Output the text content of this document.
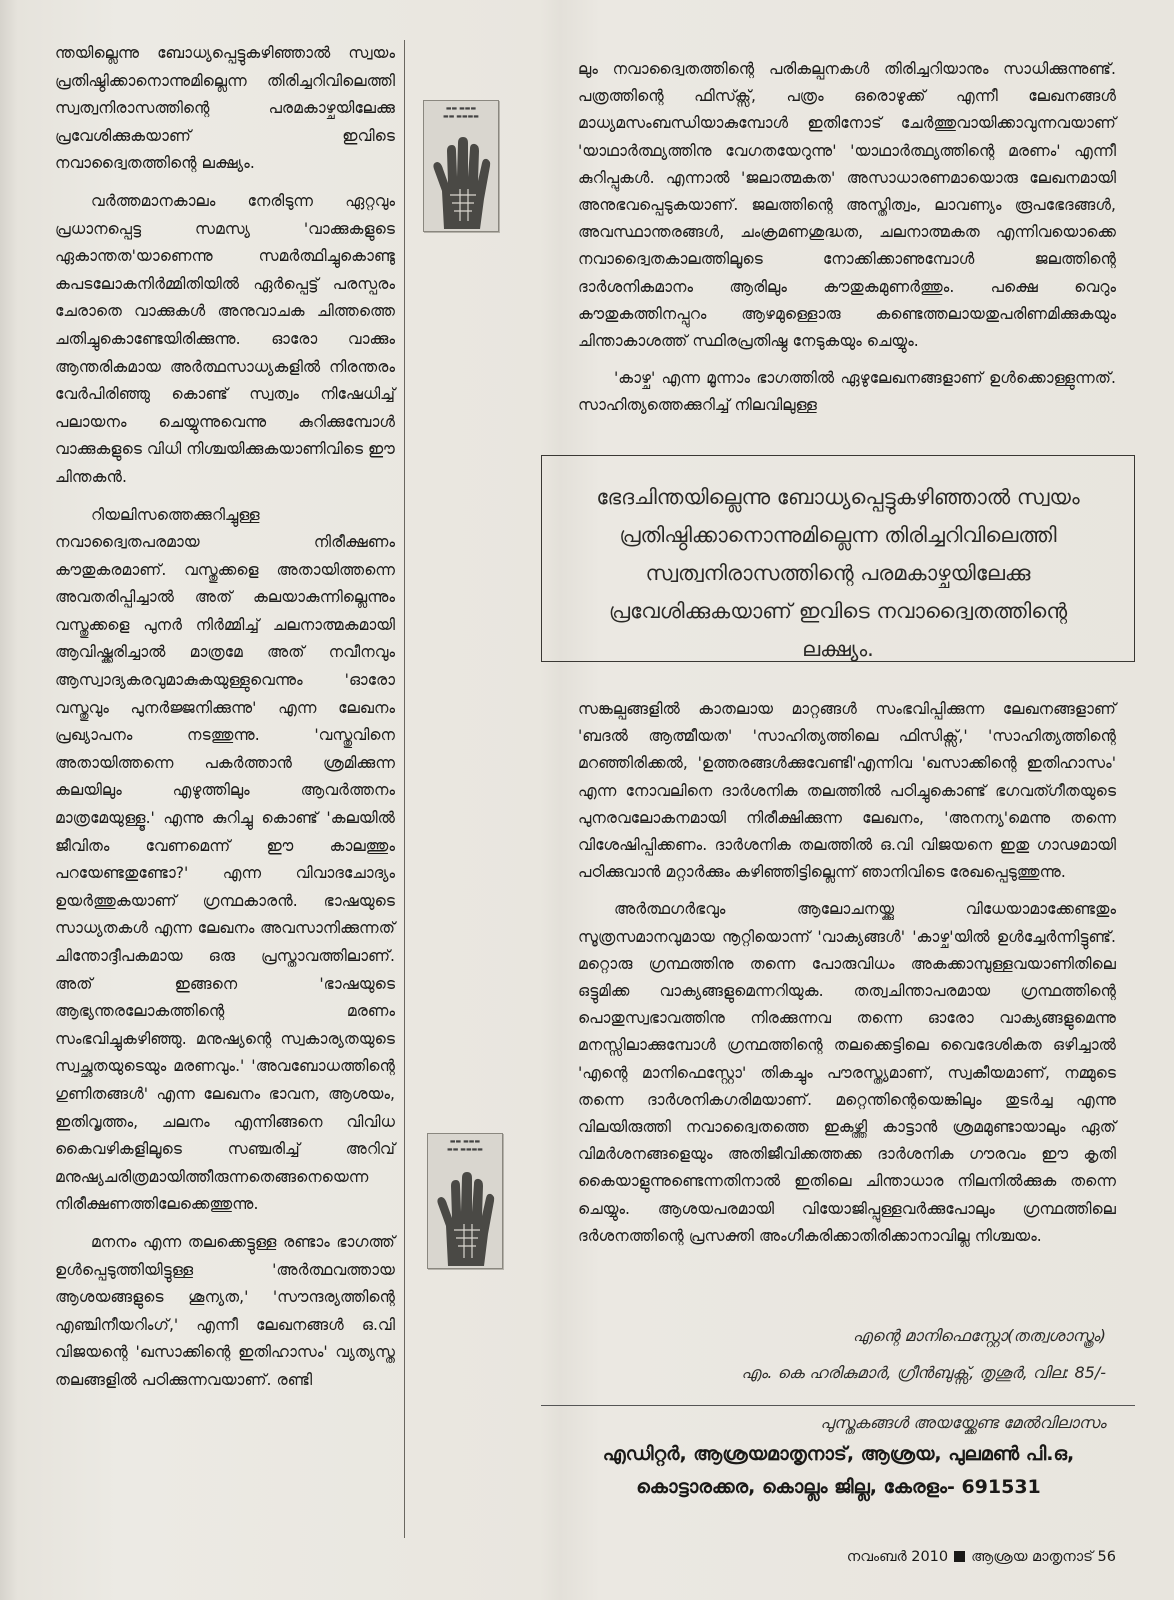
ന്തയില്ലെന്നു ബോധ്യപ്പെട്ടുകഴിഞ്ഞാൽ സ്വയം പ്രതിഷ്ഠിക്കാനൊന്നുമില്ലെന്ന തിരിച്ചറിവിലെത്തി സ്വത്വനിരാസത്തിന്റെ പരമകാഴ്ചയിലേക്കു പ്രവേശിക്കുകയാണ് ഇവിടെ നവാദ്വൈതത്തിന്റെ ലക്ഷ്യം.

വർത്തമാനകാലം നേരിടുന്ന ഏറ്റവും പ്രധാനപ്പെട്ട സമസ്യ 'വാക്കുകളുടെ ഏകാന്തത'യാണെന്നു സമർത്ഥിച്ചുകൊണ്ടു കപടലോകനിർമ്മിതിയിൽ ഏർപ്പെട്ട് പരസ്പരം ചേരാതെ വാക്കുകൾ അനുവാചക ചിത്തത്തെ ചതിച്ചുകൊണ്ടേയിരിക്കുന്നു. ഓരോ വാക്കും ആന്തരികമായ അർത്ഥസാധ്യകളിൽ നിരന്തരം വേർപിരിഞ്ഞു കൊണ്ട് സ്വത്വം നിഷേധിച്ച് പലായനം ചെയ്യുന്നുവെന്നു കുറിക്കുമ്പോൾ വാക്കുകളുടെ വിധി നിശ്ചയിക്കുകയാണിവിടെ ഈ ചിന്തകൻ.

റിയലിസത്തെക്കുറിച്ചുള്ള നവാദ്വൈതപരമായ നിരീക്ഷണം കൗതുകരമാണ്. വസ്തുക്കളെ അതായിത്തന്നെ അവതരിപ്പിച്ചാൽ അത് കലയാകുന്നില്ലെന്നും വസ്തുക്കളെ പുനർ നിർമ്മിച്ച് ചലനാത്മകമായി ആവിഷ്ക്കരിച്ചാൽ മാത്രമേ അത് നവീനവും ആസ്വാദ്യകരവുമാകുകയുള്ളുവെന്നും 'ഓരോ വസ്തുവും പുനർജ്ജനിക്കുന്നു' എന്ന ലേഖനം പ്രഖ്യാപനം നടത്തുന്നു. 'വസ്തുവിനെ അതായിത്തന്നെ പകർത്താൻ ശ്രമിക്കുന്ന കലയിലും എഴുത്തിലും ആവർത്തനം മാത്രമേയുള്ളൂ.' എന്നു കുറിച്ചു കൊണ്ട് 'കലയിൽ ജീവിതം വേണമെന്ന് ഈ കാലത്തും പറയേണ്ടതുണ്ടോ?' എന്ന വിവാദചോദ്യം ഉയർത്തുകയാണ് ഗ്രന്ഥകാരൻ. ഭാഷയുടെ സാധ്യതകൾ എന്ന ലേഖനം അവസാനിക്കുന്നത് ചിന്തോദ്ദീപകമായ ഒരു പ്രസ്താവത്തിലാണ്. അത് ഇങ്ങനെ 'ഭാഷയുടെ ആഭ്യന്തരലോകത്തിന്റെ മരണം സംഭവിച്ചുകഴിഞ്ഞു. മനുഷ്യന്റെ സ്വകാര്യതയുടെ സ്വച്ഛതയുടെയും മരണവും.' 'അവബോധത്തിന്റെ ഗുണിതങ്ങൾ' എന്ന ലേഖനം ഭാവന, ആശയം, ഇതിവൃത്തം, ചലനം എന്നിങ്ങനെ വിവിധ കൈവഴികളിലൂടെ സഞ്ചരിച്ച് അറിവ് മനുഷ്യചരിത്രമായിത്തീരുന്നതെങ്ങനെയെന്ന നിരീക്ഷണത്തിലേക്കെത്തുന്നു.

മനനം എന്ന തലക്കെട്ടുള്ള രണ്ടാം ഭാഗത്ത് ഉൾപ്പെടുത്തിയിട്ടുള്ള 'അർത്ഥവത്തായ ആശയങ്ങളുടെ ശൂന്യത,' 'സൗന്ദര്യത്തിന്റെ എഞ്ചിനീയറിംഗ്,' എന്നീ ലേഖനങ്ങൾ ഒ.വി വിജയന്റെ 'ഖസാക്കിന്റെ ഇതിഹാസം' വ്യത്യസ്ത തലങ്ങളിൽ പഠിക്കുന്നവയാണ്. രണ്ടി

▬▬ ▬▬▬
▬▬ ▬▬▬▬
▬▬ ▬▬▬
▬▬ ▬▬▬▬

ലും നവാദ്വൈതത്തിന്റെ പരികല്പനകൾ തിരിച്ചറിയാനും സാധിക്കുന്നുണ്ട്. പത്രത്തിന്റെ ഫിസ്ക്സ്, പത്രം ഒരൊഴുക്ക് എന്നീ ലേഖനങ്ങൾ മാധ്യമസംബന്ധിയാകുമ്പോൾ ഇതിനോട് ചേർത്തുവായിക്കാവുന്നവയാണ് 'യാഥാർത്ഥ്യത്തിനു വേഗതയേറുന്നു' 'യാഥാർത്ഥ്യത്തിന്റെ മരണം' എന്നീ കുറിപ്പുകൾ. എന്നാൽ 'ജലാത്മകത' അസാധാരണമായൊരു ലേഖനമായി അനുഭവപ്പെടുകയാണ്. ജലത്തിന്റെ അസ്തിത്വം, ലാവണ്യം രൂപഭേദങ്ങൾ, അവസ്ഥാന്തരങ്ങൾ, ചംക്രമണശുദ്ധത, ചലനാത്മകത എന്നിവയൊക്കെ നവാദ്വൈതകാലത്തിലൂടെ നോക്കിക്കാണുമ്പോൾ ജലത്തിന്റെ ദാർശനികമാനം ആരിലും കൗതുകമുണർത്തും. പക്ഷെ വെറും കൗതുകത്തിനപ്പുറം ആഴമുള്ളൊരു കണ്ടെത്തലായതുപരിണമിക്കുകയും ചിന്താകാശത്ത് സ്ഥിരപ്രതിഷ്ഠ നേടുകയും ചെയ്യും.

'കാഴ്ച' എന്ന മൂന്നാം ഭാഗത്തിൽ ഏഴുലേഖനങ്ങളാണ് ഉൾക്കൊള്ളുന്നത്. സാഹിത്യത്തെക്കുറിച്ച് നിലവിലുള്ള

ഭേദചിന്തയില്ലെന്നു ബോധ്യപ്പെട്ടുകഴിഞ്ഞാൽ സ്വയം പ്രതിഷ്ഠിക്കാനൊന്നുമില്ലെന്ന തിരിച്ചറിവിലെത്തി സ്വത്വനിരാസത്തിന്റെ പരമകാഴ്ചയിലേക്കു പ്രവേശിക്കുകയാണ് ഇവിടെ നവാദ്വൈതത്തിന്റെ ലക്ഷ്യം.

സങ്കല്പങ്ങളിൽ കാതലായ മാറ്റങ്ങൾ സംഭവിപ്പിക്കുന്ന ലേഖനങ്ങളാണ് 'ബദൽ ആത്മീയത' 'സാഹിത്യത്തിലെ ഫിസിക്സ്,' 'സാഹിത്യത്തിന്റെ മറഞ്ഞിരിക്കൽ, 'ഉത്തരങ്ങൾക്കുവേണ്ടി'എന്നിവ 'ഖസാക്കിന്റെ ഇതിഹാസം' എന്ന നോവലിനെ ദാർശനിക തലത്തിൽ പഠിച്ചുകൊണ്ട് ഭഗവത്ഗീതയുടെ പുനരവലോകനമായി നിരീക്ഷിക്കുന്ന ലേഖനം, 'അനന്യ'മെന്നു തന്നെ വിശേഷിപ്പിക്കണം. ദാർശനിക തലത്തിൽ ഒ.വി വിജയനെ ഇതു ഗാഢമായി പഠിക്കുവാൻ മറ്റാർക്കും കഴിഞ്ഞിട്ടില്ലെന്ന് ഞാനിവിടെ രേഖപ്പെടുത്തുന്നു.

അർത്ഥഗർഭവും ആലോചനയ്ക്കു വിധേയാമാക്കേണ്ടതും സൂത്രസമാനവുമായ നൂറ്റിയൊന്ന് 'വാക്യങ്ങൾ' 'കാഴ്ച'യിൽ ഉൾച്ചേർന്നിട്ടുണ്ട്. മറ്റൊരു ഗ്രന്ഥത്തിനു തന്നെ പോരുവിധം അകക്കാമ്പുള്ളവയാണിതിലെ ഒട്ടുമിക്ക വാക്യങ്ങളുമെന്നറിയുക. തത്വചിന്താപരമായ ഗ്രന്ഥത്തിന്റെ പൊതുസ്വഭാവത്തിനു നിരക്കുന്നവ തന്നെ ഓരോ വാക്യങ്ങളുമെന്നു മനസ്സിലാക്കുമ്പോൾ ഗ്രന്ഥത്തിന്റെ തലക്കെട്ടിലെ വൈദേശികത ഒഴിച്ചാൽ 'എന്റെ മാനിഫെസ്റ്റോ' തികച്ചും പൗരസ്ത്യമാണ്, സ്വകീയമാണ്, നമ്മുടെ തന്നെ ദാർശനികഗരിമയാണ്. മറ്റെന്തിന്റെയെങ്കിലും തുടർച്ച എന്നു വിലയിരുത്തി നവാദ്വൈതത്തെ ഇകഴ്ത്തി കാട്ടാൻ ശ്രമമുണ്ടായാലും ഏത് വിമർശനങ്ങളെയും അതിജീവിക്കത്തക്ക ദാർശനിക ഗൗരവം ഈ കൃതി കൈയാളുന്നുണ്ടെന്നതിനാൽ ഇതിലെ ചിന്താധാര നിലനിൽക്കുക തന്നെ ചെയ്യും. ആശയപരമായി വിയോജിപ്പുള്ളവർക്കുപോലും ഗ്രന്ഥത്തിലെ ദർശനത്തിന്റെ പ്രസക്തി അംഗീകരിക്കാതിരിക്കാനാവില്ല നിശ്ചയം.

എന്റെ മാനിഫെസ്റ്റോ(തത്വശാസ്ത്രം)
എം. കെ ഹരികുമാർ, ഗ്രീൻബുക്സ്, തൃശൂർ, വില: 85/-
പുസ്തകങ്ങൾ അയയ്ക്കേണ്ട മേൽവിലാസം
എഡിറ്റർ, ആശ്രയമാതൃനാട്, ആശ്രയ, പുലമൺ പി.ഒ,
കൊട്ടാരക്കര, കൊല്ലം ജില്ല, കേരളം- 691531
നവംബർ 2010 ആശ്രയ മാതൃനാട് 56
